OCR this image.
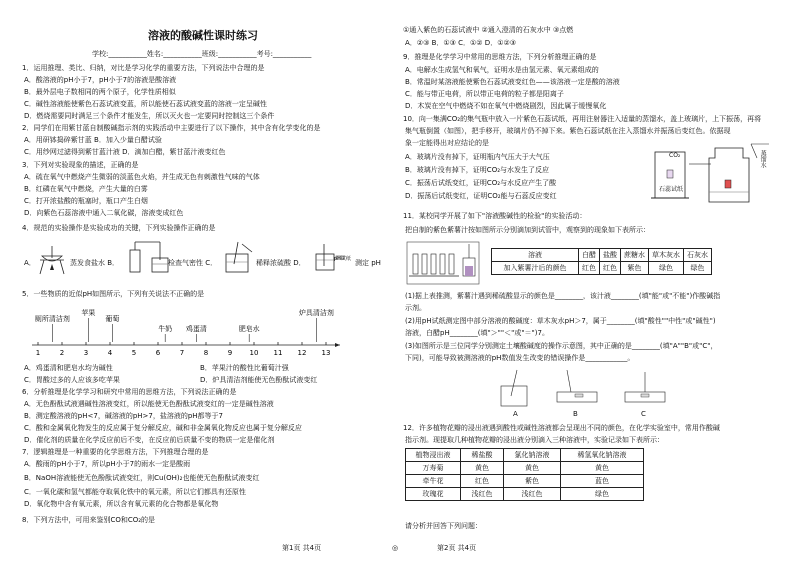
溶液的酸碱性课时练习
学校:___________姓名:___________班级:___________考号:___________
1．运用推理、类比、归纳，对比是学习化学的重要方法，下列说法中合理的是
A．酸溶液的pH小于7，pH小于7的溶液是酸溶液
B．最外层电子数相同的两个原子，化学性质相似
C．碱性溶液能使紫色石蕊试液变蓝，所以能使石蕊试液变蓝的溶液一定呈碱性
D．燃烧需要同时满足三个条件才能发生，所以灭火也一定要同时控制这三个条件
2．同学们在用紫甘蓝自制酸碱指示剂的实践活动中主要进行了以下操作，其中含有化学变化的是
A．用研钵捣碎紫甘蓝 B．加入少量白醋试验
C．用纱网过滤得到紫甘蓝汁液 D．滴加白醋，紫甘蓝汁液变红色
3．下列对实验现象的描述，正确的是
A．硫在氧气中燃烧产生微弱的淡蓝色火焰，并生成无色有刺激性气味的气体
B．红磷在氧气中燃烧，产生大量的白雾
C．打开浓盐酸的瓶塞时，瓶口产生白烟
D．向紫色石蕊溶液中通入二氧化碳，溶液变成红色
4．规范的实验操作是实验成功的关键，下列实验操作正确的是
A．	蒸发食盐水 B．	检查气密性 C．	稀释浓硫酸 D．	pH试纸 测定 pH
5．一些物质的近似pH如图所示，下列有关说法不正确的是
1	2	3	4	5	6	7	8	9 10 11 12 13
厕所清洁剂
苹果
葡萄
牛奶 鸡蛋清	肥皂水
炉具清洁剂
A．鸡蛋清和肥皂水均为碱性	B．苹果汁的酸性比葡萄汁强
C．胃酸过多的人应该多吃苹果	D．炉具清洁剂能使无色酚酞试液变红
6．分析推理是化学学习和研究中常用的思维方法，下列说法正确的是
A．无色酚酞试液遇碱性溶液变红，所以能使无色酚酞试液变红的一定是碱性溶液
B．测定酸溶液的pH<7，碱溶液的pH>7，盐溶液的pH都等于7
C．酸和金属氧化物发生的反应属于复分解反应，碱和非金属氧化物反应也属于复分解反应
D．催化剂的质量在化学反应前后不变，在反应前后质量不变的物质一定是催化剂
7．逻辑推理是一种重要的化学思维方法，下列推理合理的是
A．酸雨的pH小于7，所以pH小于7的雨水一定是酸雨
B．NaOH溶液能使无色酚酞试液变红，则Cu(OH)₂也能使无色酚酞试液变红
C．一氧化碳和氢气都能夺取氧化铁中的氧元素，所以它们都具有还原性
D．氧化物中含有氧元素，所以含有氧元素的化合物都是氧化物
8．下列方法中，可用来鉴别CO和CO₂的是
第1页 共4页	◎
①通入紫色的石蕊试液中 ②通入澄清的石灰水中 ③点燃
A．②③ B．①③ C．①② D．①②③
9．推理是化学学习中常用的思维方法，下列分析推理正确的是
A．电解水生成氢气和氧气，证明水是由氢元素、氧元素组成的
B．常温时某溶液能使紫色石蕊试液变红色——该溶液一定是酸的溶液
C．能与带正电荷，所以带正电荷的粒子都是阳离子
D．木炭在空气中燃烧不如在氧气中燃烧剧烈，因此属于缓慢氧化
10．向一集满CO₂的集气瓶中放入一片紫色石蕊试纸，再用注射器注入适量的蒸馏水，盖上玻璃片，上下振荡，再将
集气瓶倒置（如图），把手移开，玻璃片仍不掉下来。紫色石蕊试纸在注入蒸馏水并振荡后变红色。依据现
象一定能得出对应结论的是
A．玻璃片没有掉下，证明瓶内气压大于大气压
B．玻璃片没有掉下，证明CO₂与水发生了反应
C．振荡后试纸变红，证明CO₂与水反应产生了酸
D．振荡后试纸变红，证明CO₂能与石蕊反应变红
CO₂	蒸馏水
石蕊试纸
11．某校同学开展了如下"溶液酸碱性的检验"的实验活动：
把自制的紫色紫薯汁按如图所示分别滴加到试管中，观察到的现象如下表所示：
溶液	白醋	盐酸	蔗糖水	草木灰水	石灰水
加入紫薯汁后的颜色	红色	红色	紫色	绿色	绿色
(1)据上表推测，紫薯汁遇到稀硫酸显示的颜色是________，该汁液________(填"能"或"不能")作酸碱指
示剂。
(2)用pH试纸测定图中部分溶液的酸碱度：草木灰水pH＞7，属于________(填"酸性""中性"或"碱性")
溶液，白醋pH________(填"＞""＜"或"＝")7。
(3)如图所示是三位同学分别测定土壤酸碱度的操作示意图，其中正确的是________(填"A""B"或"C"，
下同)，可能导致被测溶液的pH数值发生改变的错误操作是____________。
A	B	C
12．许多植物花瓣的浸出液遇到酸性或碱性溶液都会呈现出不同的颜色，在化学实验室中，常用作酸碱
指示剂。现提取几种植物花瓣的浸出液分别滴入三种溶液中，实验记录如下表所示：
植物浸出液	稀盐酸	氯化钠溶液	稀氢氧化钠溶液
万寿菊	黄色	黄色	黄色
牵牛花	红色	紫色	蓝色
玫瑰花	浅红色	浅红色	绿色
请分析并回答下列问题：
第2页 共4页
